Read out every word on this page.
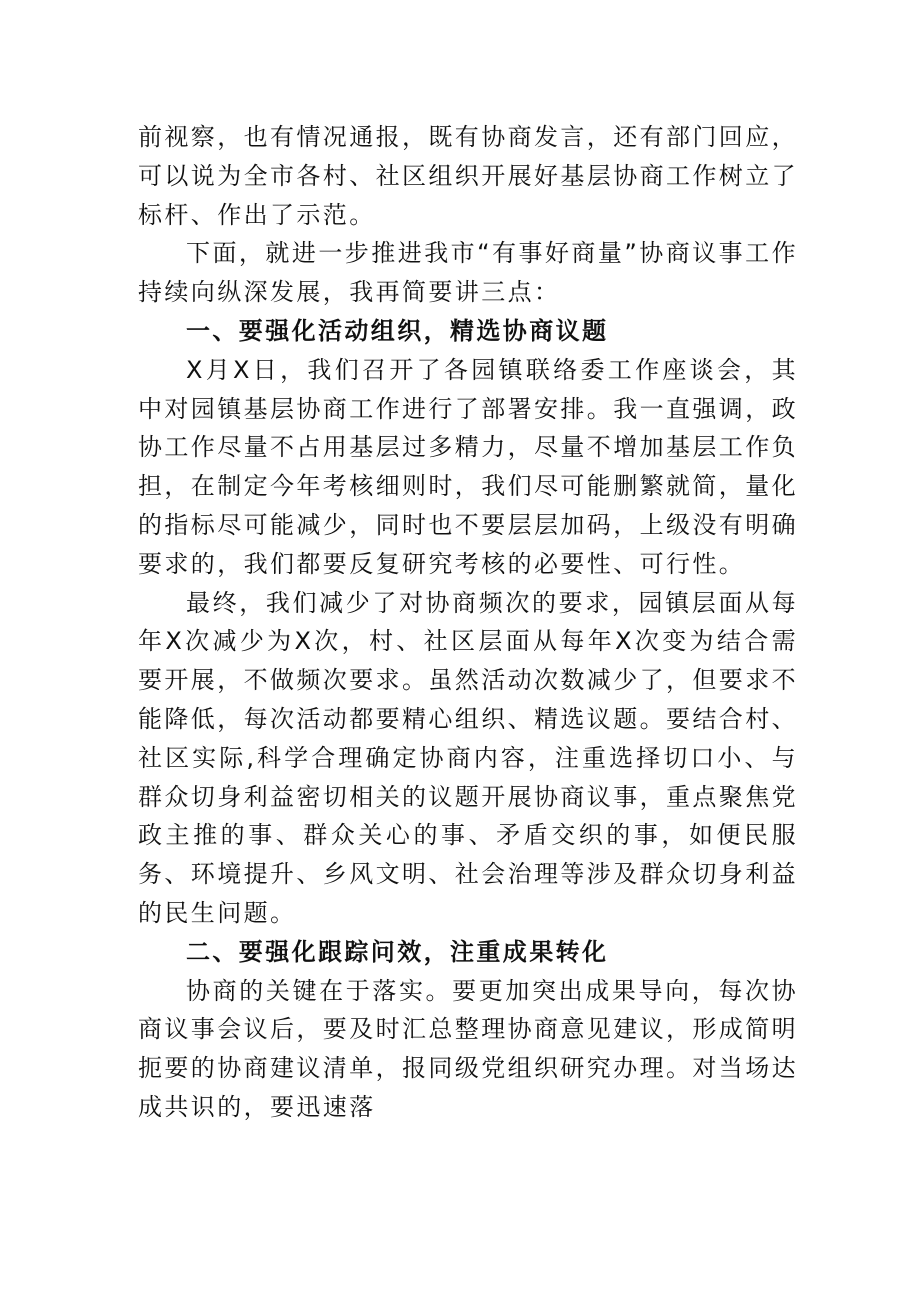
前视察，也有情况通报，既有协商发言，还有部门回应，可以说为全市各村、社区组织开展好基层协商工作树立了标杆、作出了示范。

下面，就进一步推进我市“有事好商量”协商议事工作持续向纵深发展，我再简要讲三点：

一、要强化活动组织，精选协商议题

X月X日，我们召开了各园镇联络委工作座谈会，其中对园镇基层协商工作进行了部署安排。我一直强调，政协工作尽量不占用基层过多精力，尽量不增加基层工作负担，在制定今年考核细则时，我们尽可能删繁就简，量化的指标尽可能减少，同时也不要层层加码，上级没有明确要求的，我们都要反复研究考核的必要性、可行性。

最终，我们减少了对协商频次的要求，园镇层面从每年X次减少为X次，村、社区层面从每年X次变为结合需要开展，不做频次要求。虽然活动次数减少了，但要求不能降低，每次活动都要精心组织、精选议题。要结合村、社区实际,科学合理确定协商内容，注重选择切口小、与群众切身利益密切相关的议题开展协商议事，重点聚焦党政主推的事、群众关心的事、矛盾交织的事，如便民服务、环境提升、乡风文明、社会治理等涉及群众切身利益的民生问题。

二、要强化跟踪问效，注重成果转化

协商的关键在于落实。要更加突出成果导向，每次协商议事会议后，要及时汇总整理协商意见建议，形成简明扼要的协商建议清单，报同级党组织研究办理。对当场达成共识的，要迅速落
